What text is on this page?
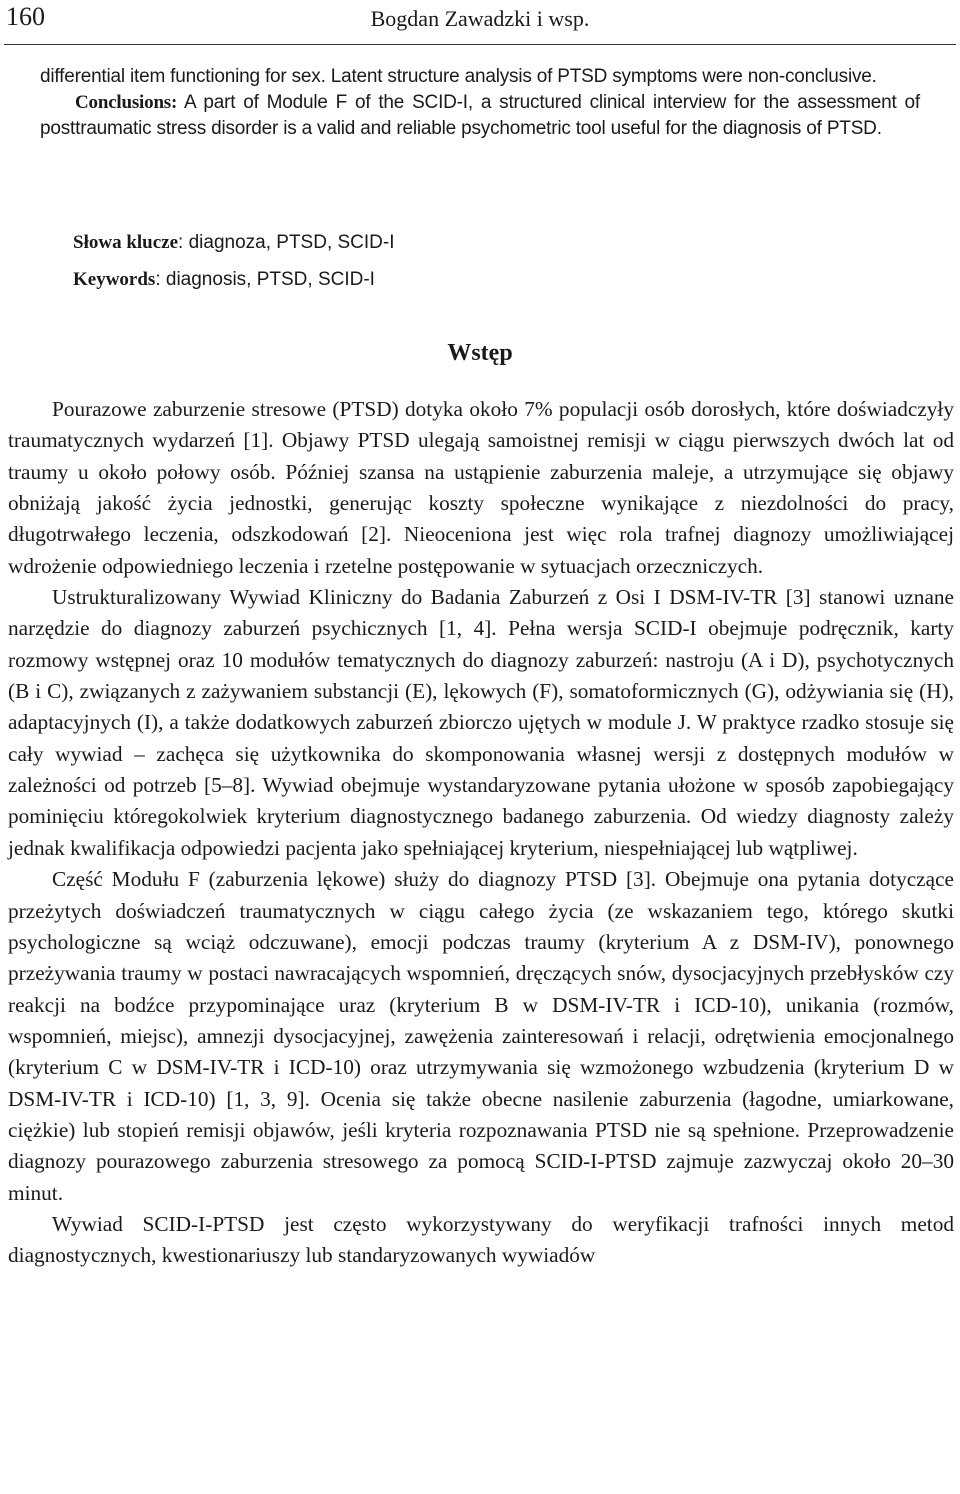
160	Bogdan Zawadzki i wsp.

differential item functioning for sex. Latent structure analysis of PTSD symptoms were non-conclusive.

Conclusions: A part of Module F of the SCID-I, a structured clinical interview for the assessment of posttraumatic stress disorder is a valid and reliable psychometric tool useful for the diagnosis of PTSD.

Słowa klucze: diagnoza, PTSD, SCID-I
Keywords: diagnosis, PTSD, SCID-I
Wstęp

Pourazowe zaburzenie stresowe (PTSD) dotyka około 7% populacji osób dorosłych, które doświadczyły traumatycznych wydarzeń [1]. Objawy PTSD ulegają samoistnej remisji w ciągu pierwszych dwóch lat od traumy u około połowy osób. Później szansa na ustąpienie zaburzenia maleje, a utrzymujące się objawy obniżają jakość życia jednostki, generując koszty społeczne wynikające z niezdolności do pracy, długotrwałego leczenia, odszkodowań [2]. Nieoceniona jest więc rola trafnej diagnozy umożliwiającej wdrożenie odpowiedniego leczenia i rzetelne postępowanie w sytuacjach orzeczniczych.

Ustrukturalizowany Wywiad Kliniczny do Badania Zaburzeń z Osi I DSM-IV-TR [3] stanowi uznane narzędzie do diagnozy zaburzeń psychicznych [1, 4]. Pełna wersja SCID-I obejmuje podręcznik, karty rozmowy wstępnej oraz 10 modułów tematycznych do diagnozy zaburzeń: nastroju (A i D), psychotycznych (B i C), związanych z zażywaniem substancji (E), lękowych (F), somatoformicznych (G), odżywiania się (H), adaptacyjnych (I), a także dodatkowych zaburzeń zbiorczo ujętych w module J. W praktyce rzadko stosuje się cały wywiad – zachęca się użytkownika do skomponowania własnej wersji z dostępnych modułów w zależności od potrzeb [5–8]. Wywiad obejmuje wystandaryzowane pytania ułożone w sposób zapobiegający pominięciu któregokolwiek kryterium diagnostycznego badanego zaburzenia. Od wiedzy diagnosty zależy jednak kwalifikacja odpowiedzi pacjenta jako spełniającej kryterium, niespełniającej lub wątpliwej.

Część Modułu F (zaburzenia lękowe) służy do diagnozy PTSD [3]. Obejmuje ona pytania dotyczące przeżytych doświadczeń traumatycznych w ciągu całego życia (ze wskazaniem tego, którego skutki psychologiczne są wciąż odczuwane), emocji podczas traumy (kryterium A z DSM-IV), ponownego przeżywania traumy w postaci nawracających wspomnień, dręczących snów, dysocjacyjnych przebłysków czy reakcji na bodźce przypominające uraz (kryterium B w DSM-IV-TR i ICD-10), unikania (rozmów, wspomnień, miejsc), amnezji dysocjacyjnej, zawężenia zainteresowań i relacji, odrętwienia emocjonalnego (kryterium C w DSM-IV-TR i ICD-10) oraz utrzymywania się wzmożonego wzbudzenia (kryterium D w DSM-IV-TR i ICD-10) [1, 3, 9]. Ocenia się także obecne nasilenie zaburzenia (łagodne, umiarkowane, ciężkie) lub stopień remisji objawów, jeśli kryteria rozpoznawania PTSD nie są spełnione. Przeprowadzenie diagnozy pourazowego zaburzenia stresowego za pomocą SCID-I-PTSD zajmuje zazwyczaj około 20–30 minut.

Wywiad SCID-I-PTSD jest często wykorzystywany do weryfikacji trafności innych metod diagnostycznych, kwestionariuszy lub standaryzowanych wywiadów
